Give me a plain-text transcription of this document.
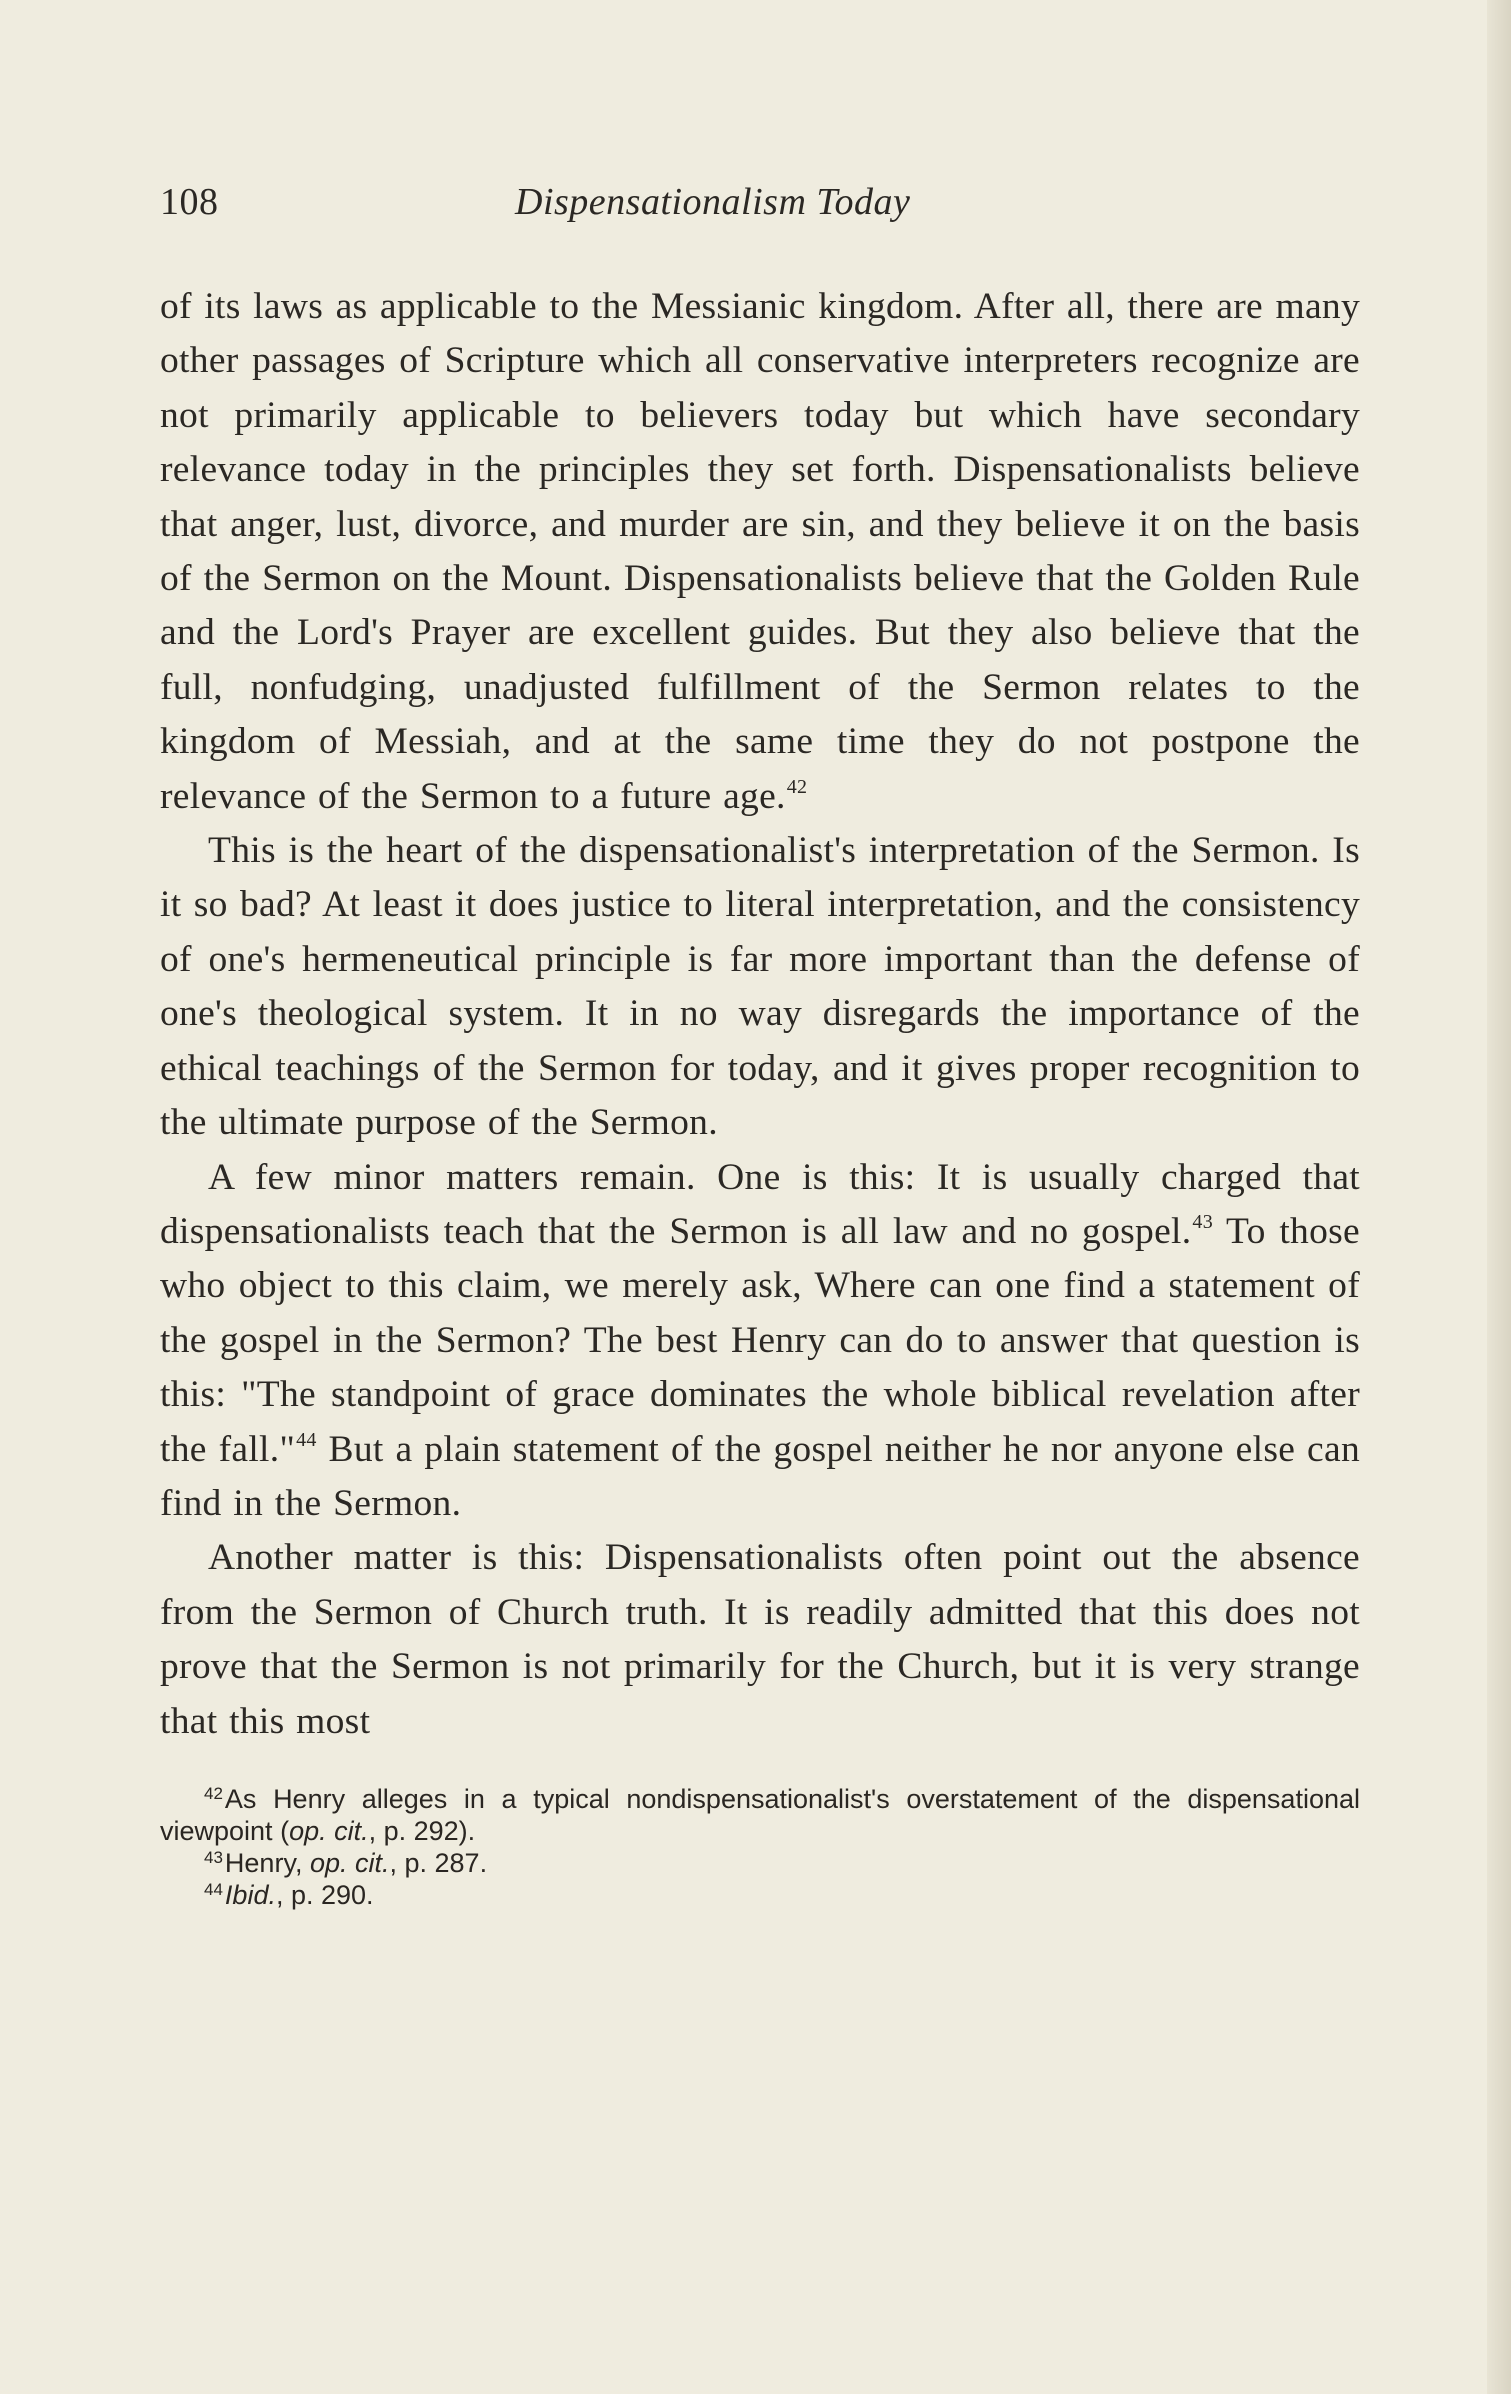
108	Dispensationalism Today

of its laws as applicable to the Messianic kingdom. After all, there are many other passages of Scripture which all conservative interpreters recognize are not primarily applicable to believers today but which have secondary relevance today in the principles they set forth. Dispensationalists believe that anger, lust, divorce, and murder are sin, and they believe it on the basis of the Sermon on the Mount. Dispensationalists believe that the Golden Rule and the Lord's Prayer are excellent guides. But they also believe that the full, nonfudging, unadjusted fulfillment of the Sermon relates to the kingdom of Messiah, and at the same time they do not postpone the relevance of the Sermon to a future age.$^{42}$

This is the heart of the dispensationalist's interpretation of the Sermon. Is it so bad? At least it does justice to literal interpretation, and the consistency of one's hermeneutical principle is far more important than the defense of one's theological system. It in no way disregards the importance of the ethical teachings of the Sermon for today, and it gives proper recognition to the ultimate purpose of the Sermon.

A few minor matters remain. One is this: It is usually charged that dispensationalists teach that the Sermon is all law and no gospel.$^{43}$ To those who object to this claim, we merely ask, Where can one find a statement of the gospel in the Sermon? The best Henry can do to answer that question is this: "The standpoint of grace dominates the whole biblical revelation after the fall."$^{44}$ But a plain statement of the gospel neither he nor anyone else can find in the Sermon.

Another matter is this: Dispensationalists often point out the absence from the Sermon of Church truth. It is readily admitted that this does not prove that the Sermon is not primarily for the Church, but it is very strange that this most

$^{42}$As Henry alleges in a typical nondispensationalist's overstatement of the dispensational viewpoint (op. cit., p. 292).

$^{43}$Henry, op. cit., p. 287.

$^{44}$Ibid., p. 290.
